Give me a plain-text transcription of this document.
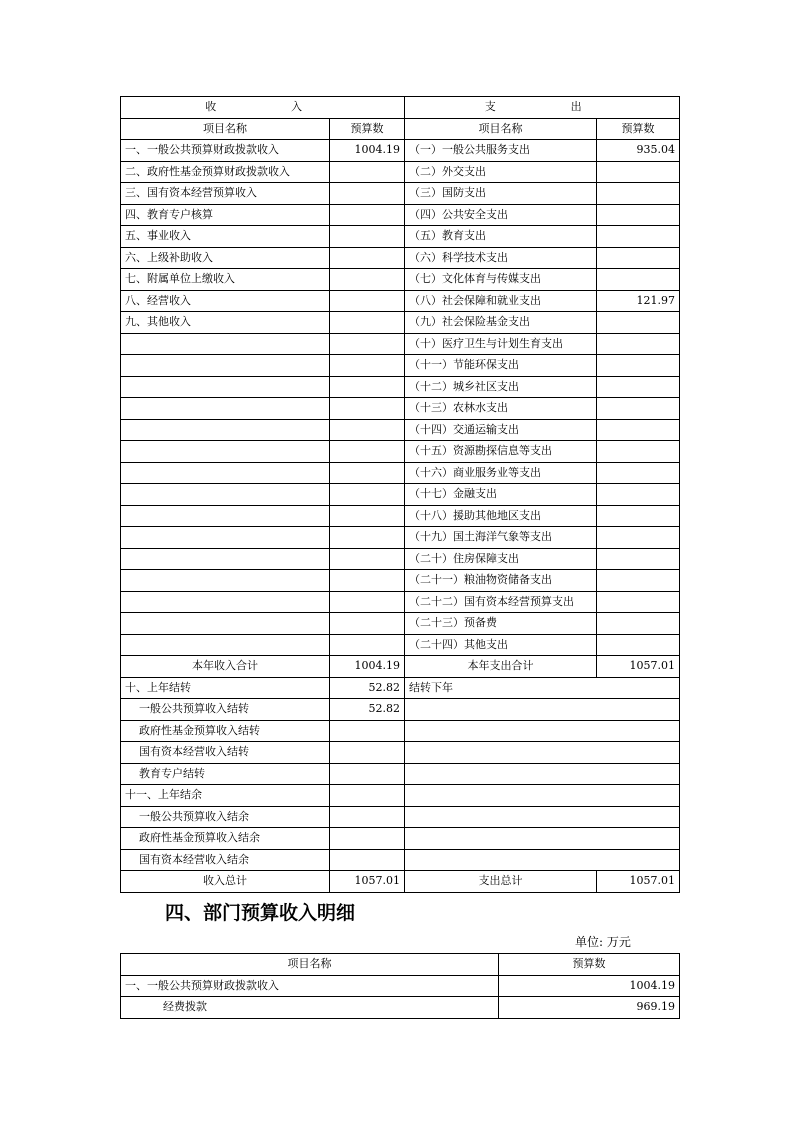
收　　入		支　　出	
项目名称	预算数	项目名称	预算数
一、一般公共预算财政拨款收入	1004.19	（一）一般公共服务支出	935.04
二、政府性基金预算财政拨款收入		（二）外交支出	
三、国有资本经营预算收入		（三）国防支出	
四、教育专户核算		（四）公共安全支出	
五、事业收入		（五）教育支出	
六、上级补助收入		（六）科学技术支出	
七、附属单位上缴收入		（七）文化体育与传媒支出	
八、经营收入		（八）社会保障和就业支出	121.97
九、其他收入		（九）社会保险基金支出	
		（十）医疗卫生与计划生育支出	
		（十一）节能环保支出	
		（十二）城乡社区支出	
		（十三）农林水支出	
		（十四）交通运输支出	
		（十五）资源勘探信息等支出	
		（十六）商业服务业等支出	
		（十七）金融支出	
		（十八）援助其他地区支出	
		（十九）国土海洋气象等支出	
		（二十）住房保障支出	
		（二十一）粮油物资储备支出	
		（二十二）国有资本经营预算支出	
		（二十三）预备费	
		（二十四）其他支出	
本年收入合计	1004.19	本年支出合计	1057.01
十、上年结转	52.82	结转下年	
一般公共预算收入结转	52.82		
政府性基金预算收入结转			
国有资本经营收入结转			
教育专户结转			
十一、上年结余			
一般公共预算收入结余			
政府性基金预算收入结余			
国有资本经营收入结余			
收入总计	1057.01	支出总计	1057.01
四、部门预算收入明细
单位: 万元
项目名称	预算数
一、一般公共预算财政拨款收入	1004.19
经费拨款	969.19
